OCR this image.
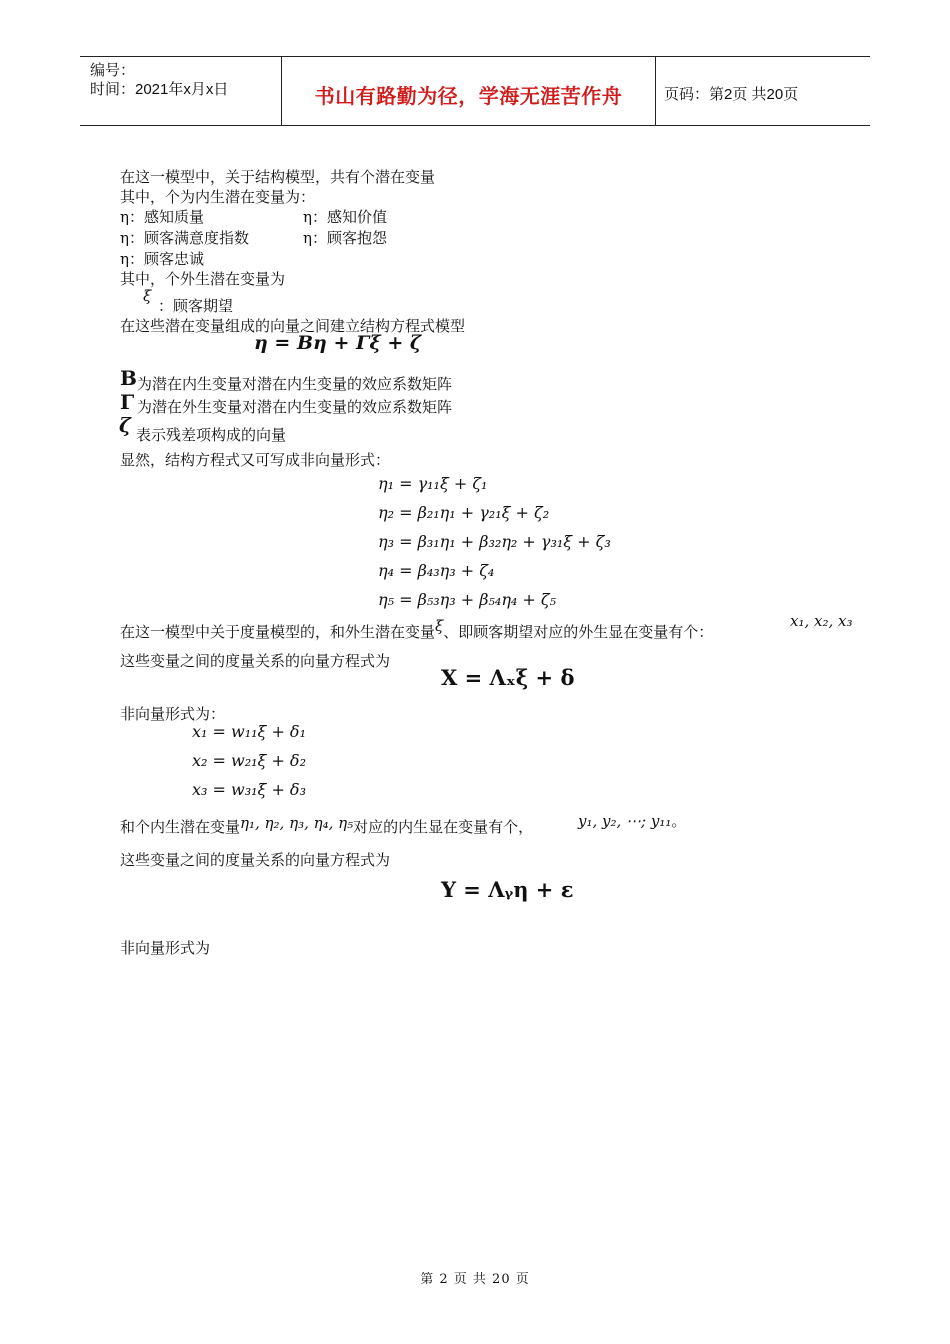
编号：
时间：2021年x月x日	书山有路勤为径，学海无涯苦作舟	页码：第2页 共20页
在这一模型中，关于结构模型，共有个潜在变量
其中，个为内生潜在变量为：
η：感知质量	η：感知价值
η：顾客满意度指数	η：顾客抱怨
η：顾客忠诚
其中，个外生潜在变量为
ξ
：顾客期望
在这些潜在变量组成的向量之间建立结构方程式模型
η = Bη + Γξ + ζ
B 为潜在内生变量对潜在内生变量的效应系数矩阵
Γ 为潜在外生变量对潜在内生变量的效应系数矩阵
ζ 表示残差项构成的向量
显然，结构方程式又可写成非向量形式：
η₁ = γ₁₁ξ + ζ₁
η₂ = β₂₁η₁ + γ₂₁ξ + ζ₂
η₃ = β₃₁η₁ + β₃₂η₂ + γ₃₁ξ + ζ₃
η₄ = β₄₃η₃ + ζ₄
η₅ = β₅₃η₃ + β₅₄η₄ + ζ₅
在这一模型中关于度量模型的，和外生潜在变量ξ、即顾客期望对应的外生显在变量有个：
x₁, x₂, x₃
这些变量之间的度量关系的向量方程式为
X = Λₓξ + δ
非向量形式为：
x₁ = w₁₁ξ + δ₁
x₂ = w₂₁ξ + δ₂
x₃ = w₃₁ξ + δ₃
和个内生潜在变量η₁, η₂, η₃, η₄, η₅对应的内生显在变量有个，	y₁, y₂, ⋯; y₁₁。
这些变量之间的度量关系的向量方程式为
Y = Λᵧη + ε
非向量形式为
第 2 页 共 20 页
